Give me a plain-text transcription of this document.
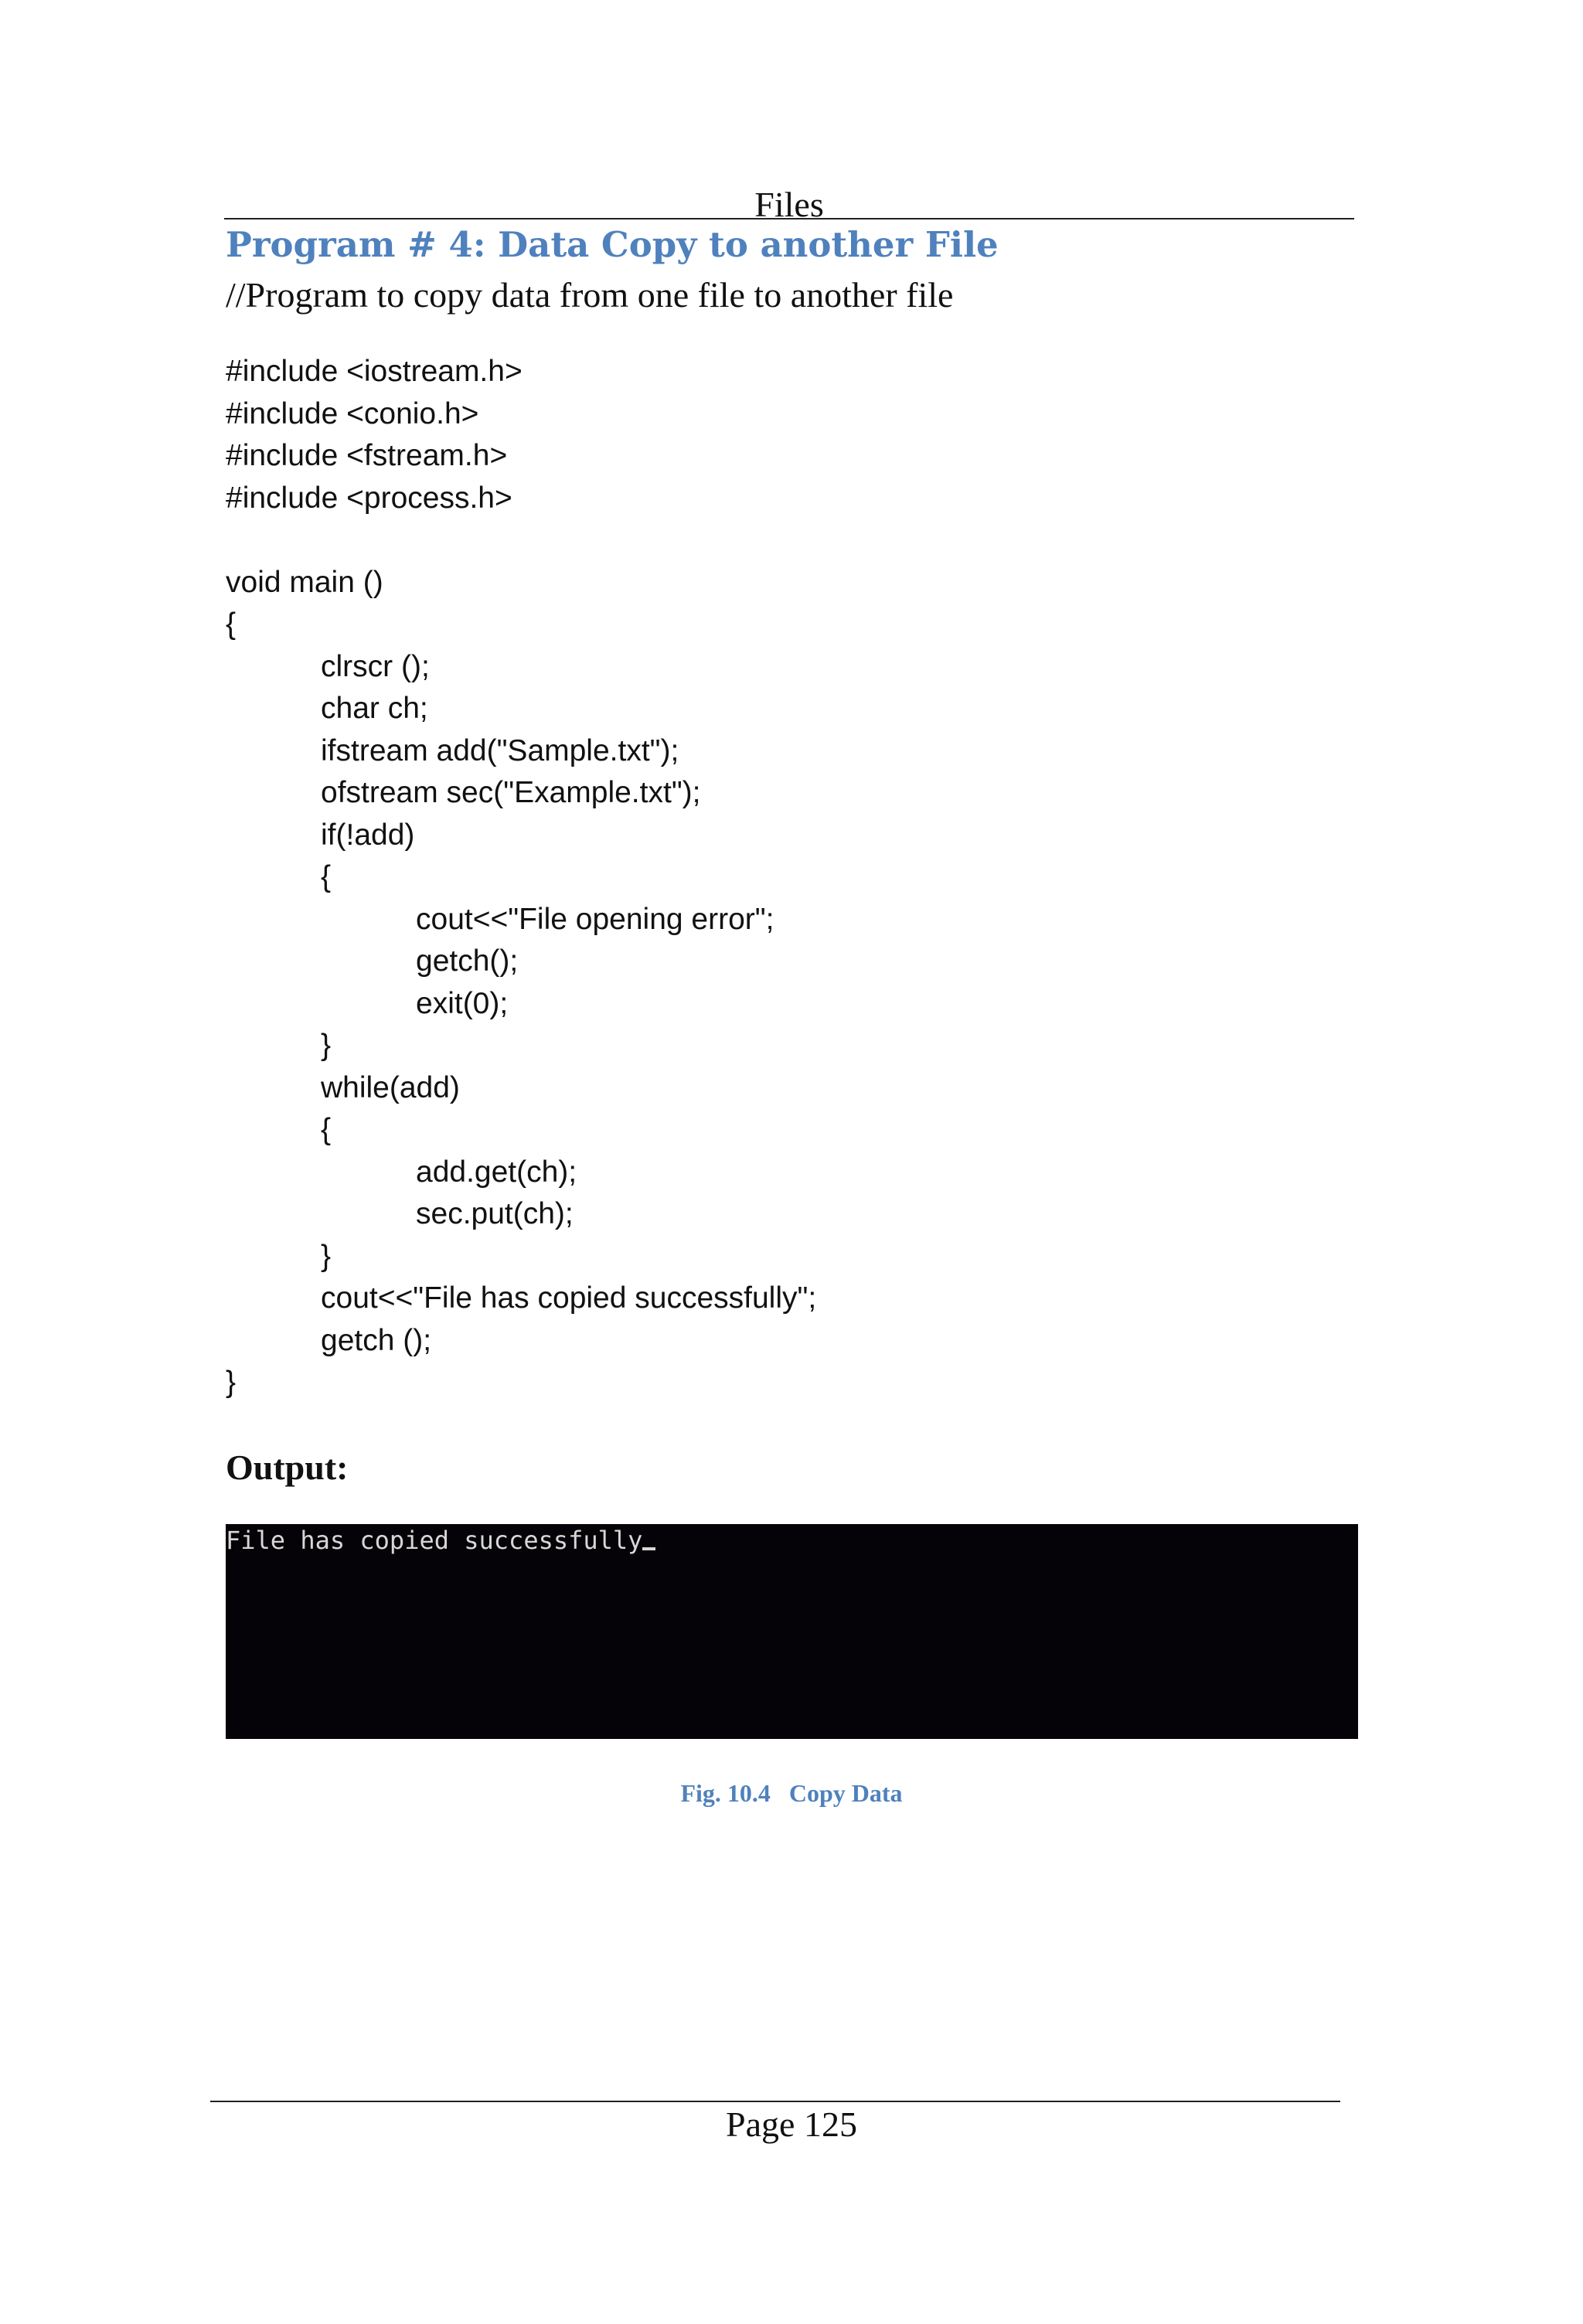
Files
Program # 4: Data Copy to another File
//Program to copy data from one file to another file
#include <iostream.h>
#include <conio.h>
#include <fstream.h>
#include <process.h>
void main ()
{
clrscr ();
char ch;
ifstream add("Sample.txt");
ofstream sec("Example.txt");
if(!add)
{
cout<<"File opening error";
getch();
exit(0);
}
while(add)
{
add.get(ch);
sec.put(ch);
}
cout<<"File has copied successfully";
getch ();
}
Output:
File has copied successfully
Fig. 10.4   Copy Data
Page 125
